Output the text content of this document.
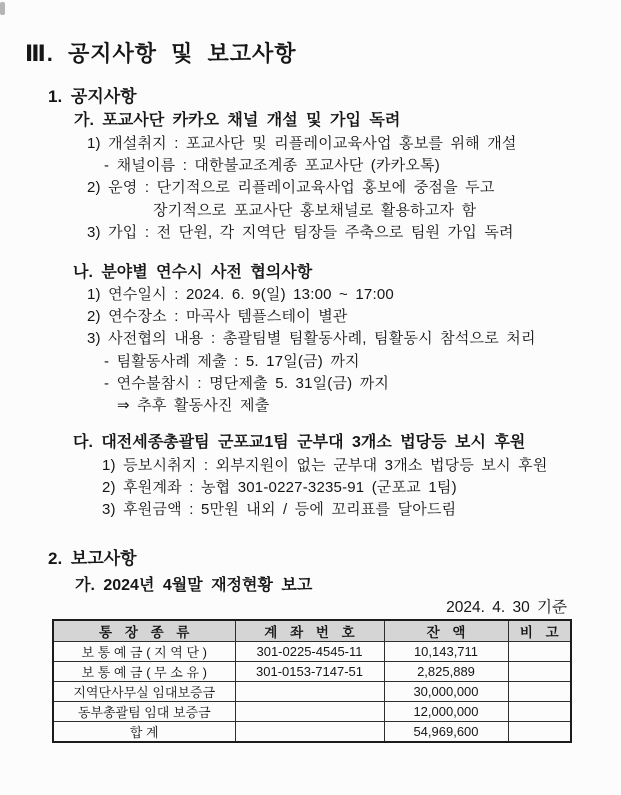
Ⅲ. 공지사항 및 보고사항
1. 공지사항
가. 포교사단 카카오 채널 개설 및 가입 독려
1) 개설취지 : 포교사단 및 리플레이교육사업 홍보를 위해 개설
- 채널이름 : 대한불교조계종 포교사단 (카카오톡)
2) 운영 : 단기적으로 리플레이교육사업 홍보에 중점을 두고
장기적으로 포교사단 홍보채널로 활용하고자 함
3) 가입 : 전 단원, 각 지역단 팀장들 주축으로 팀원 가입 독려
나. 분야별 연수시 사전 협의사항
1) 연수일시 : 2024. 6. 9(일) 13:00 ~ 17:00
2) 연수장소 : 마곡사 템플스테이 별관
3) 사전협의 내용 : 총괄팀별 팀활동사례, 팀활동시 참석으로 처리
- 팀활동사례 제출 : 5. 17일(금) 까지
- 연수불참시 : 명단제출 5. 31일(금) 까지
⇒ 추후 활동사진 제출
다. 대전세종총괄팀 군포교1팀 군부대 3개소 법당등 보시 후원
1) 등보시취지 : 외부지원이 없는 군부대 3개소 법당등 보시 후원
2) 후원계좌 : 농협 301-0227-3235-91 (군포교 1팀)
3) 후원금액 : 5만원 내외 / 등에 꼬리표를 달아드림
2. 보고사항
가. 2024년 4월말 재정현황 보고
2024. 4. 30 기준
통 장 종 류	계 좌 번 호	잔 액	비 고
보 통 예 금 ( 지 역 단 )	301-0225-4545-11	10,143,711	
보 통 예 금 ( 무 소 유 )	301-0153-7147-51	2,825,889	
지역단사무실 임대보증금		30,000,000	
동부총괄팀 임대 보증금		12,000,000	
합 계		54,969,600	
